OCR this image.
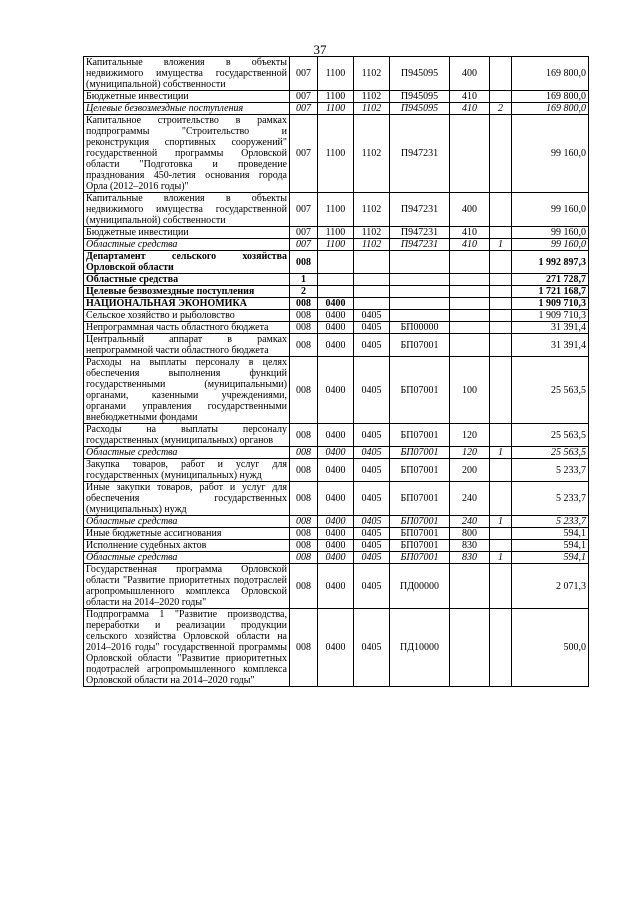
37
Капитальные вложения в объекты недвижимого имущества государственной (муниципальной) собственности	007	1100	1102	П945095	400		169 800,0
Бюджетные инвестиции	007	1100	1102	П945095	410		169 800,0
Целевые безвозмездные поступления	007	1100	1102	П945095	410	2	169 800,0
Капитальное строительство в рамках подпрограммы "Строительство и реконструкция спортивных сооружений" государственной программы Орловской области "Подготовка и проведение празднования 450-летия основания города Орла (2012–2016 годы)"	007	1100	1102	П947231			99 160,0
Капитальные вложения в объекты недвижимого имущества государственной (муниципальной) собственности	007	1100	1102	П947231	400		99 160,0
Бюджетные инвестиции	007	1100	1102	П947231	410		99 160,0
Областные средства	007	1100	1102	П947231	410	1	99 160,0
Департамент сельского хозяйства Орловской области	008						1 992 897,3
Областные средства	1						271 728,7
Целевые безвозмездные поступления	2						1 721 168,7
НАЦИОНАЛЬНАЯ ЭКОНОМИКА	008	0400					1 909 710,3
Сельское хозяйство и рыболовство	008	0400	0405				1 909 710,3
Непрограммная часть областного бюджета	008	0400	0405	БП00000			31 391,4
Центральный аппарат в рамках непрограммной части областного бюджета	008	0400	0405	БП07001			31 391,4
Расходы на выплаты персоналу в целях обеспечения выполнения функций государственными (муниципальными) органами, казенными учреждениями, органами управления государственными внебюджетными фондами	008	0400	0405	БП07001	100		25 563,5
Расходы на выплаты персоналу государственных (муниципальных) органов	008	0400	0405	БП07001	120		25 563,5
Областные средства	008	0400	0405	БП07001	120	1	25 563,5
Закупка товаров, работ и услуг для государственных (муниципальных) нужд	008	0400	0405	БП07001	200		5 233,7
Иные закупки товаров, работ и услуг для обеспечения государственных (муниципальных) нужд	008	0400	0405	БП07001	240		5 233,7
Областные средства	008	0400	0405	БП07001	240	1	5 233,7
Иные бюджетные ассигнования	008	0400	0405	БП07001	800		594,1
Исполнение судебных актов	008	0400	0405	БП07001	830		594,1
Областные средства	008	0400	0405	БП07001	830	1	594,1
Государственная программа Орловской области "Развитие приоритетных подотраслей агропромышленного комплекса Орловской области на 2014–2020 годы"	008	0400	0405	ПД00000			2 071,3
Подпрограмма 1 "Развитие производства, переработки и реализации продукции сельского хозяйства Орловской области на 2014–2016 годы" государственной программы Орловской области "Развитие приоритетных подотраслей агропромышленного комплекса Орловской области на 2014–2020 годы"	008	0400	0405	ПД10000			500,0
